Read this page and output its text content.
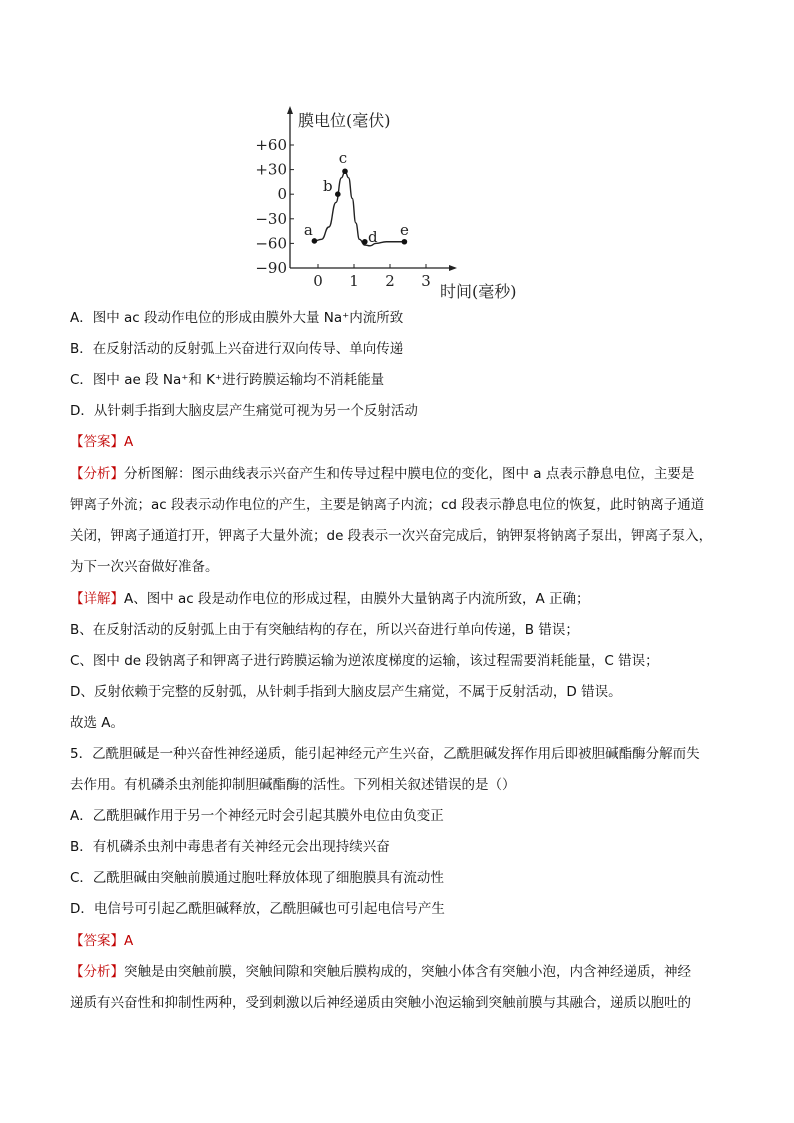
膜电位(毫伏)
时间(毫秒)
+60
+30
0
−30
−60
−90
0 1 2 3
a
b
c
d e
A．图中 ac 段动作电位的形成由膜外大量 Na⁺内流所致
B．在反射活动的反射弧上兴奋进行双向传导、单向传递
C．图中 ae 段 Na⁺和 K⁺进行跨膜运输均不消耗能量
D．从针刺手指到大脑皮层产生痛觉可视为另一个反射活动
【答案】A
【分析】分析图解：图示曲线表示兴奋产生和传导过程中膜电位的变化，图中 a 点表示静息电位，主要是
钾离子外流；ac 段表示动作电位的产生，主要是钠离子内流；cd 段表示静息电位的恢复，此时钠离子通道
关闭，钾离子通道打开，钾离子大量外流；de 段表示一次兴奋完成后，钠钾泵将钠离子泵出，钾离子泵入，
为下一次兴奋做好准备。
【详解】A、图中 ac 段是动作电位的形成过程，由膜外大量钠离子内流所致，A 正确；
B、在反射活动的反射弧上由于有突触结构的存在，所以兴奋进行单向传递，B 错误；
C、图中 de 段钠离子和钾离子进行跨膜运输为逆浓度梯度的运输，该过程需要消耗能量，C 错误；
D、反射依赖于完整的反射弧，从针刺手指到大脑皮层产生痛觉，不属于反射活动，D 错误。
故选 A。
5．乙酰胆碱是一种兴奋性神经递质，能引起神经元产生兴奋，乙酰胆碱发挥作用后即被胆碱酯酶分解而失
去作用。有机磷杀虫剂能抑制胆碱酯酶的活性。下列相关叙述错误的是（）
A．乙酰胆碱作用于另一个神经元时会引起其膜外电位由负变正
B．有机磷杀虫剂中毒患者有关神经元会出现持续兴奋
C．乙酰胆碱由突触前膜通过胞吐释放体现了细胞膜具有流动性
D．电信号可引起乙酰胆碱释放，乙酰胆碱也可引起电信号产生
【答案】A
【分析】突触是由突触前膜，突触间隙和突触后膜构成的，突触小体含有突触小泡，内含神经递质，神经
递质有兴奋性和抑制性两种，受到刺激以后神经递质由突触小泡运输到突触前膜与其融合，递质以胞吐的
